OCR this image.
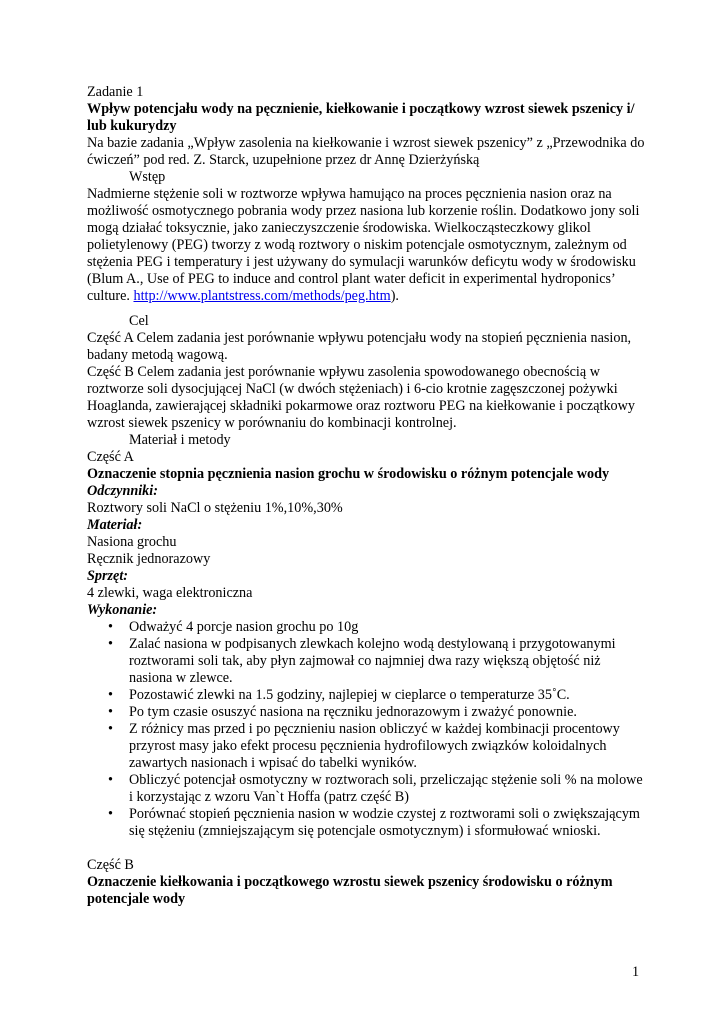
Zadanie 1

Wpływ potencjału wody na pęcznienie, kiełkowanie i początkowy wzrost siewek pszenicy i/ lub kukurydzy

Na bazie zadania „Wpływ zasolenia na kiełkowanie i wzrost siewek pszenicy” z „Przewodnika do ćwiczeń” pod red. Z. Starck, uzupełnione przez dr Annę Dzierżyńską

Wstęp

Nadmierne stężenie soli w roztworze wpływa hamująco na proces pęcznienia nasion oraz na możliwość osmotycznego pobrania wody przez nasiona lub korzenie roślin. Dodatkowo jony soli mogą działać toksycznie, jako zanieczyszczenie środowiska. Wielkocząsteczkowy glikol polietylenowy (PEG) tworzy z wodą roztwory o niskim potencjale osmotycznym, zależnym od stężenia PEG i temperatury i jest używany do symulacji warunków deficytu wody w środowisku (Blum A., Use of PEG to induce and control plant water deficit in experimental hydroponics’ culture. http://www.plantstress.com/methods/peg.htm).

Cel

Część A Celem zadania jest porównanie wpływu potencjału wody na stopień pęcznienia nasion, badany metodą wagową.

Część B Celem zadania jest porównanie wpływu zasolenia spowodowanego obecnością w roztworze soli dysocjującej NaCl (w dwóch stężeniach) i 6-cio krotnie zagęszczonej pożywki Hoaglanda, zawierającej składniki pokarmowe oraz roztworu PEG na kiełkowanie i początkowy wzrost siewek pszenicy w porównaniu do kombinacji kontrolnej.

Materiał i metody

Część A

Oznaczenie stopnia pęcznienia nasion grochu w środowisku o różnym potencjale wody

Odczynniki:

Roztwory soli NaCl o stężeniu 1%,10%,30%

Materiał:

Nasiona grochu

Ręcznik jednorazowy

Sprzęt:

4 zlewki, waga elektroniczna

Wykonanie:

• Odważyć 4 porcje nasion grochu po 10g
• Zalać nasiona w podpisanych zlewkach kolejno wodą destylowaną i przygotowanymi roztworami soli tak, aby płyn zajmował co najmniej dwa razy większą objętość niż nasiona w zlewce.
• Pozostawić zlewki na 1.5 godziny, najlepiej w cieplarce o temperaturze 35˚C.
• Po tym czasie osuszyć nasiona na ręczniku jednorazowym i zważyć ponownie.
• Z różnicy mas przed i po pęcznieniu nasion obliczyć w każdej kombinacji procentowy przyrost masy jako efekt procesu pęcznienia hydrofilowych związków koloidalnych zawartych nasionach i wpisać do tabelki wyników.
• Obliczyć potencjał osmotyczny w roztworach soli, przeliczając stężenie soli % na molowe i korzystając z wzoru Van`t Hoffa (patrz część B)
• Porównać stopień pęcznienia nasion w wodzie czystej z roztworami soli o zwiększającym się stężeniu (zmniejszającym się potencjale osmotycznym) i sformułować wnioski.

Część B

Oznaczenie kiełkowania i początkowego wzrostu siewek pszenicy środowisku o różnym potencjale wody

1
